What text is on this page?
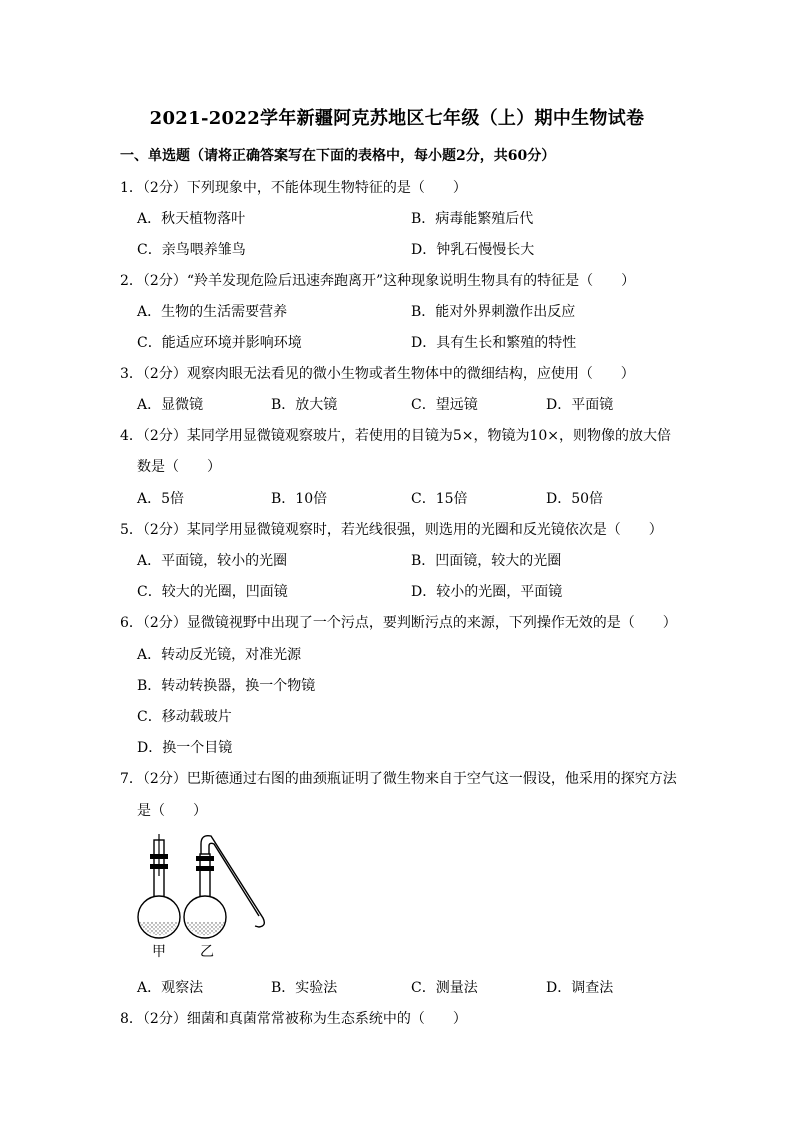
2021-2022学年新疆阿克苏地区七年级（上）期中生物试卷
一、单选题（请将正确答案写在下面的表格中，每小题2分，共60分）
1．（2分）下列现象中，不能体现生物特征的是（　　）
A．秋天植物落叶	B．病毒能繁殖后代
C．亲鸟喂养雏鸟	D．钟乳石慢慢长大
2．（2分）“羚羊发现危险后迅速奔跑离开”这种现象说明生物具有的特征是（　　）
A．生物的生活需要营养	B．能对外界刺激作出反应
C．能适应环境并影响环境	D．具有生长和繁殖的特性
3．（2分）观察肉眼无法看见的微小生物或者生物体中的微细结构，应使用（　　）
A．显微镜	B．放大镜	C．望远镜	D．平面镜
4．（2分）某同学用显微镜观察玻片，若使用的目镜为5×，物镜为10×，则物像的放大倍
数是（　　）
A．5倍	B．10倍	C．15倍	D．50倍
5．（2分）某同学用显微镜观察时，若光线很强，则选用的光圈和反光镜依次是（　　）
A．平面镜，较小的光圈	B．凹面镜，较大的光圈
C．较大的光圈，凹面镜	D．较小的光圈，平面镜
6．（2分）显微镜视野中出现了一个污点，要判断污点的来源，下列操作无效的是（　　）
A．转动反光镜，对准光源
B．转动转换器，换一个物镜
C．移动载玻片
D．换一个目镜
7．（2分）巴斯德通过右图的曲颈瓶证明了微生物来自于空气这一假设，他采用的探究方法
是（　　）
甲 乙
A．观察法	B．实验法	C．测量法	D．调查法
8．（2分）细菌和真菌常常被称为生态系统中的（　　）
